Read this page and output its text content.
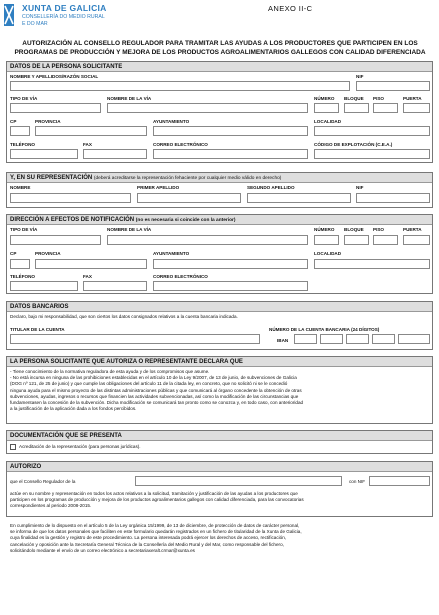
XUNTA DE GALICIA
CONSELLERÍA DO MEDIO RURAL
E DO MAR
ANEXO II-C
AUTORIZACIÓN AL CONSELLO REGULADOR PARA TRAMITAR LAS AYUDAS A LOS PRODUCTORES QUE PARTICIPEN EN LOS
PROGRAMAS DE PRODUCCIÓN Y MEJORA DE LOS PRODUCTOS AGROALIMENTARIOS GALLEGOS CON CALIDAD DIFERENCIADA
DATOS DE LA PERSONA SOLICITANTE
NOMBRE Y APELLIDOS/RAZÓN SOCIAL	NIF
TIPO DE VÍA	NOMBRE DE LA VÍA	NÚMERO BLOQUE PISO	PUERTA
CP	PROVINCIA	AYUNTAMIENTO	LOCALIDAD
TELÉFONO	FAX	CORREO ELECTRÓNICO	CÓDIGO DE EXPLOTACIÓN (C.E.A.)
Y, EN SU REPRESENTACIÓN (deberá acreditarse la representación fehaciente por cualquier medio válido en derecho)
NOMBRE	PRIMER APELLIDO	SEGUNDO APELLIDO	NIF
DIRECCIÓN A EFECTOS DE NOTIFICACIÓN (no es necesaria si coincide con la anterior)
TIPO DE VÍA	NOMBRE DE LA VÍA	NÚMERO BLOQUE PISO	PUERTA
CP	PROVINCIA	AYUNTAMIENTO	LOCALIDAD
TELÉFONO	FAX	CORREO ELECTRÓNICO
DATOS BANCARIOS
Declaro, bajo mi responsabilidad, que son ciertos los datos consignados relativos a la cuenta bancaria indicada.
TITULAR DE LA CUENTA	NÚMERO DE LA CUENTA BANCARIA (24 DÍGITOS)
IBAN
LA PERSONA SOLICITANTE QUE AUTORIZA O REPRESENTANTE DECLARA QUE
- Tiene conocimiento de la normativa reguladora de esta ayuda y de los compromisos que asume.
- No está incursa en ninguna de las prohibiciones establecidas en el artículo 10 de la Ley 9/2007, de 13 de junio, de subvenciones de Galicia
(DOG nº 121, de 25 de junio) y que cumple las obligaciones del artículo 11 de la citada ley, en concreto, que no solicitó ni se le concedió
ninguna ayuda para el mismo proyecto de las distintas administraciones públicas y que comunicará al órgano concedente la obtención de otras
subvenciones, ayudas, ingresos o recursos que financien las actividades subvencionadas, así como la modificación de las circunstancias que
fundamentasen la concesión de la subvención. Dicha modificación se comunicará tan pronto como se conozca y, en todo caso, con anterioridad
a la justificación de la aplicación dada a los fondos percibidos.
DOCUMENTACIÓN QUE SE PRESENTA
Acreditación de la representación (para personas jurídicas).
AUTORIZO
que el Consello Regulador de la	con NIF
actúe en su nombre y representación en todos los actos relativos a la solicitud, tramitación y justificación de las ayudas a los productores que
participen en los programas de producción y mejora de los productos agroalimentarios gallegos con calidad diferenciada, para las convocatorias
correspondientes al periodo 2008-2015.
En cumplimiento de lo dispuesto en el artículo 5 de la Ley orgánica 15/1999, de 13 de diciembre, de protección de datos de carácter personal,
se informa de que los datos personales que faciliten en este formulario quedarán registrados en un fichero de titularidad de la Xunta de Galicia,
cuya finalidad es la gestión y registro de este procedimiento. La persona interesada podrá ejercer los derechos de acceso, rectificación,
cancelación y oposición ante la Secretaría General Técnica de la Consellería del Medio Rural y del Mar, como responsable del fichero,
solicitándolo mediante el envío de un correo electrónico a secretariaxeralt.crmar@xunta.es
